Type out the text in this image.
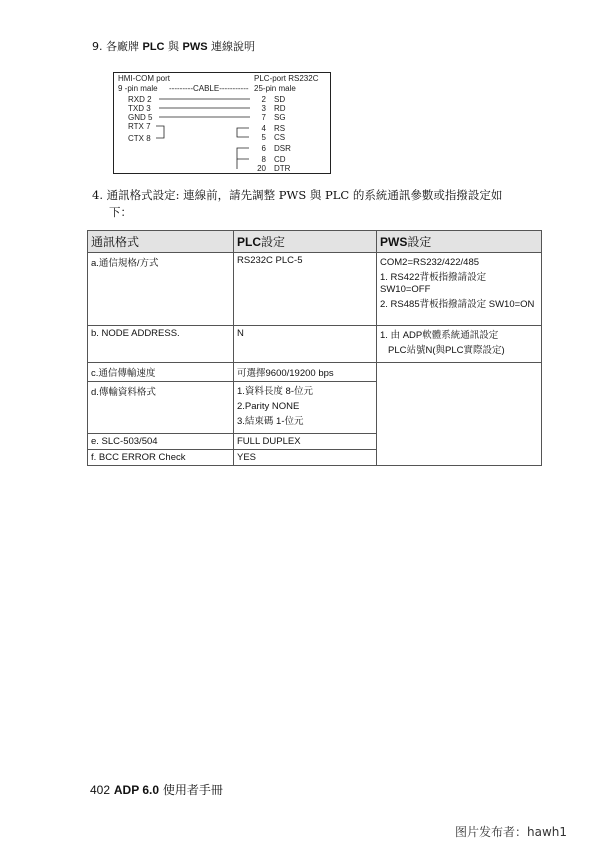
9. 各廠牌 PLC 與 PWS 連線說明
HMI-COM port	PLC-port RS232C
9 -pin male ---------CABLE----------- 25-pin male
RXD 2
TXD 3
GND 5
RTX 7
CTX 8
2 SD
3 RD
7 SG
4 RS
5 CS
6 DSR
8 CD
20 DTR
4. 通訊格式設定: 連線前，請先調整 PWS 與 PLC 的系統通訊參數或指撥設定如
下：
通訊格式	PLC設定	PWS設定
a.通信規格/方式	RS232C PLC-5	COM2=RS232/422/485
1. RS422背板指撥請設定 SW10=OFF
2. RS485背板指撥請設定 SW10=ON

b. NODE ADDRESS.	N	1. 由 ADP軟體系統通訊設定
PLC站號N(與PLC實際設定)

c.通信傳輸速度	可選擇9600/19200 bps	
d.傳輸資料格式	1.資料長度 8-位元
2.Parity NONE
3.結束碼 1-位元	

e. SLC-503/504	FULL DUPLEX	
f. BCC ERROR Check	YES	
402 ADP 6.0 使用者手冊
图片发布者：hawh1
